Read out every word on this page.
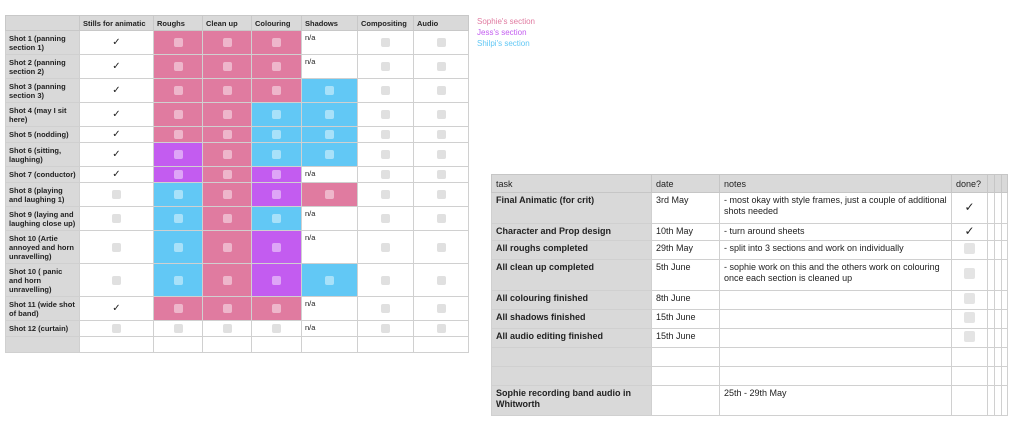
	Stills for animatic	Roughs	Clean up	Colouring	Shadows	Compositing	Audio
Shot 1 (panning section 1)	✓				n/a		
Shot 2 (panning section 2)	✓				n/a		
Shot 3 (panning section 3)	✓						
Shot 4 (may I sit here)	✓						
Shot 5 (nodding)	✓						
Shot 6 (sitting, laughing)	✓						
Shot 7 (conductor)	✓				n/a		
Shot 8 (playing and laughing 1)							
Shot 9 (laying and laughing close up)					n/a		
Shot 10 (Artie annoyed and horn unravelling)					n/a		
Shot 10 ( panic and horn unravelling)							
Shot 11 (wide shot of band)	✓				n/a		
Shot 12 (curtain)					n/a		

Sophie's section
Jess's section
Shilpi's section
task	date	notes	done?			
Final Animatic (for crit)	3rd May	- most okay with style frames, just a couple of additional shots needed	✓			
Character and Prop design	10th May	- turn around sheets	✓			
All roughs completed	29th May	- split into 3 sections and work on individually				
All clean up completed	5th June	- sophie work on this and the others work on colouring once each section is cleaned up				
All colouring finished	8th June					
All shadows finished	15th June					
All audio editing finished	15th June					

Sophie recording band audio in Whitworth		25th - 29th May				
